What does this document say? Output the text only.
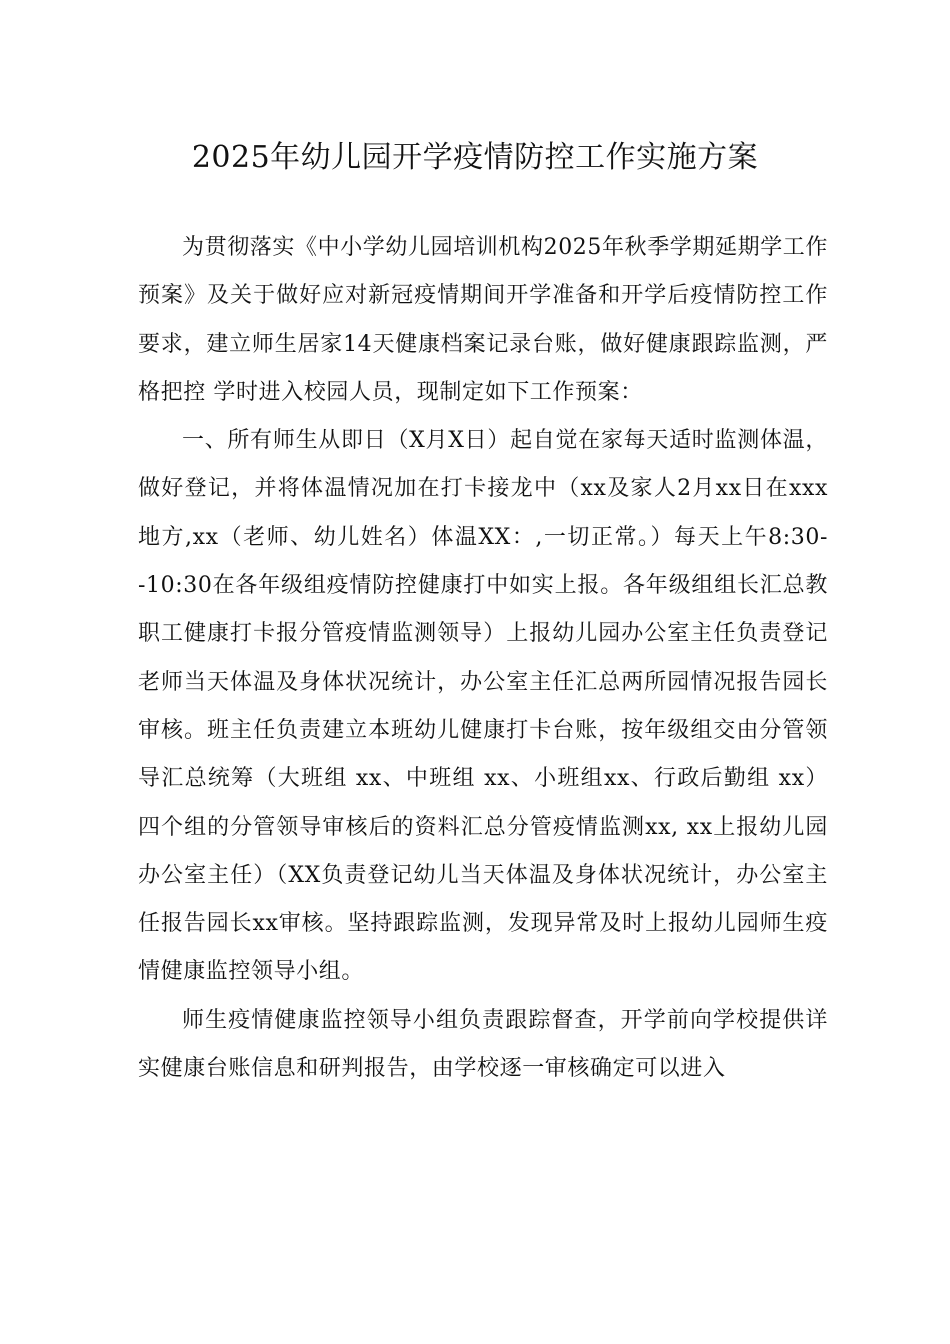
2025年幼儿园开学疫情防控工作实施方案

为贯彻落实《中小学幼儿园培训机构2025年秋季学期延期学工作预案》及关于做好应对新冠疫情期间开学准备和开学后疫情防控工作要求，建立师生居家14天健康档案记录台账，做好健康跟踪监测，严格把控 学时进入校园人员，现制定如下工作预案：

一、所有师生从即日（X月X日）起自觉在家每天适时监测体温，做好登记，并将体温情况加在打卡接龙中（xx及家人2月xx日在xxx地方,xx（老师、幼儿姓名）体温XX：,一切正常。）每天上午8:30--10:30在各年级组疫情防控健康打中如实上报。各年级组组长汇总教职工健康打卡报分管疫情监测领导）上报幼儿园办公室主任负责登记老师当天体温及身体状况统计，办公室主任汇总两所园情况报告园长审核。班主任负责建立本班幼儿健康打卡台账，按年级组交由分管领导汇总统筹（大班组 xx、中班组 xx、小班组xx、行政后勤组 xx）四个组的分管领导审核后的资料汇总分管疫情监测xx, xx上报幼儿园办公室主任）（XX负责登记幼儿当天体温及身体状况统计，办公室主任报告园长xx审核。坚持跟踪监测，发现异常及时上报幼儿园师生疫情健康监控领导小组。

师生疫情健康监控领导小组负责跟踪督查，开学前向学校提供详实健康台账信息和研判报告，由学校逐一审核确定可以进入
